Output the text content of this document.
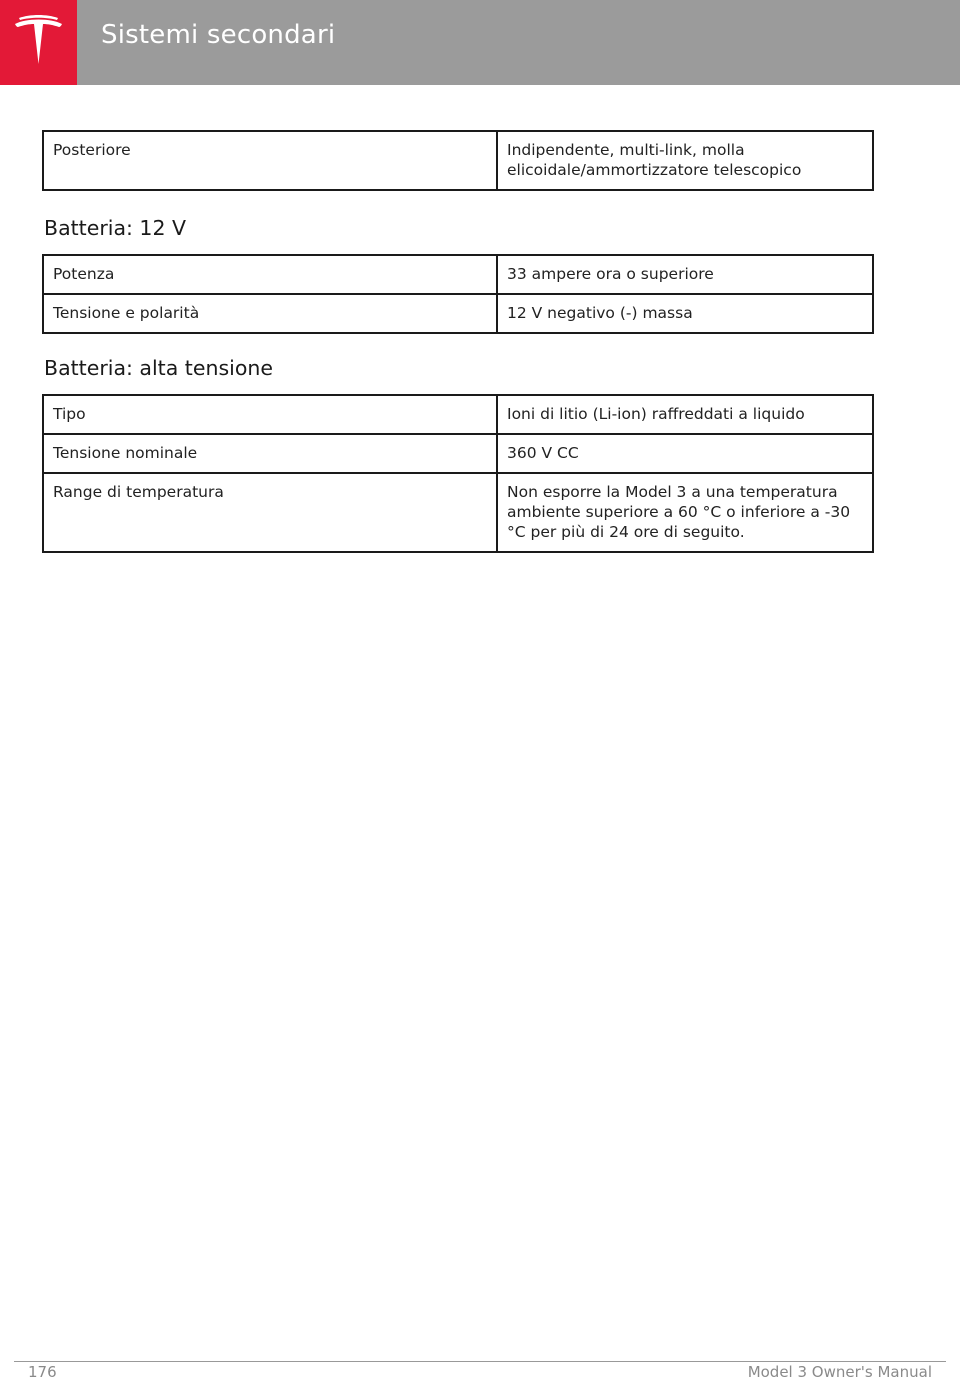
Sistemi secondari
Posteriore	Indipendente, multi-link, molla elicoidale/ammortizzatore telescopico
Batteria: 12 V
Potenza	33 ampere ora o superiore
Tensione e polarità	12 V negativo (-) massa
Batteria: alta tensione
Tipo	Ioni di litio (Li-ion) raffreddati a liquido
Tensione nominale	360 V CC
Range di temperatura	Non esporre la Model 3 a una temperatura ambiente superiore a 60 °C o inferiore a -30 °C per più di 24 ore di seguito.
176	Model 3 Owner's Manual
